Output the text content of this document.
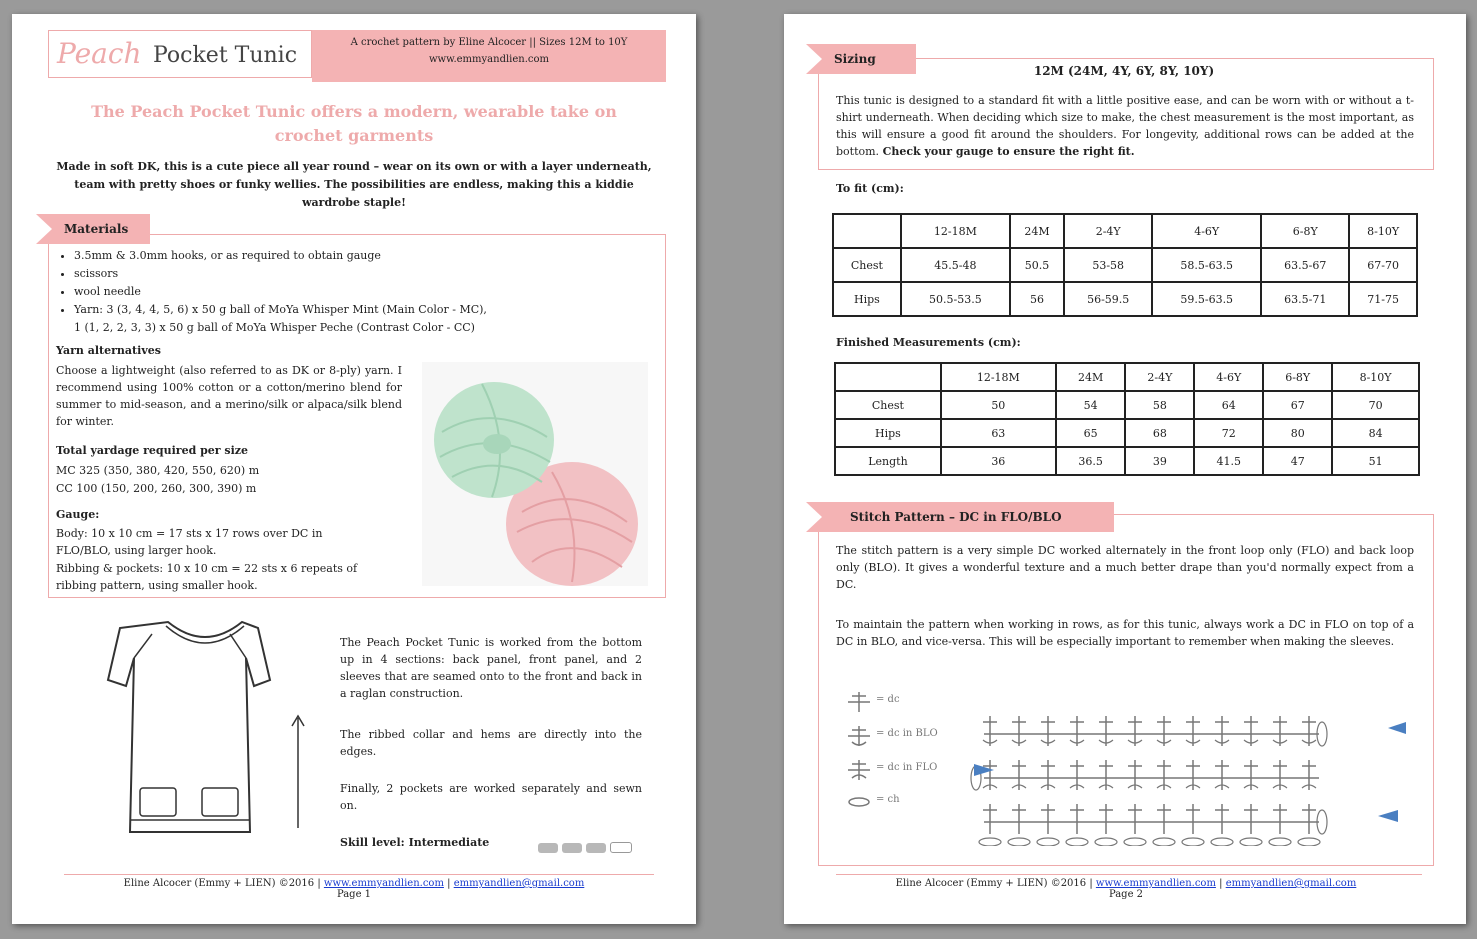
Peach Pocket Tunic
A crochet pattern by Eline Alcocer || Sizes 12M to 10Y
www.emmyandlien.com
The Peach Pocket Tunic offers a modern, wearable take on crochet garments
Made in soft DK, this is a cute piece all year round – wear on its own or with a layer underneath, team with pretty shoes or funky wellies. The possibilities are endless, making this a kiddie wardrobe staple!
Materials
• 3.5mm & 3.0mm hooks, or as required to obtain gauge
• scissors
• wool needle
• Yarn: 3 (3, 4, 4, 5, 6) x 50 g ball of MoYa Whisper Mint (Main Color - MC),
1 (1, 2, 2, 3, 3) x 50 g ball of MoYa Whisper Peche (Contrast Color - CC)
Yarn alternatives
Choose a lightweight (also referred to as DK or 8-ply) yarn. I recommend using 100% cotton or a cotton/merino blend for summer to mid-season, and a merino/silk or alpaca/silk blend for winter.
Total yardage required per size
MC 325 (350, 380, 420, 550, 620) m
CC 100 (150, 200, 260, 300, 390) m
Gauge:
Body: 10 x 10 cm = 17 sts x 17 rows over DC in FLO/BLO, using larger hook.
Ribbing & pockets: 10 x 10 cm = 22 sts x 6 repeats of ribbing pattern, using smaller hook.
The Peach Pocket Tunic is worked from the bottom up in 4 sections: back panel, front panel, and 2 sleeves that are seamed onto to the front and back in a raglan construction.
The ribbed collar and hems are directly into the edges.
Finally, 2 pockets are worked separately and sewn on.
Skill level: Intermediate
Eline Alcocer (Emmy + LIEN) ©2016 | www.emmyandlien.com | emmyandlien@gmail.com
Page 1
Sizing
12M (24M, 4Y, 6Y, 8Y, 10Y)
This tunic is designed to a standard fit with a little positive ease, and can be worn with or without a t-shirt underneath. When deciding which size to make, the chest measurement is the most important, as this will ensure a good fit around the shoulders. For longevity, additional rows can be added at the bottom. Check your gauge to ensure the right fit.
To fit (cm):
	12-18M	24M	2-4Y	4-6Y	6-8Y	8-10Y
Chest	45.5-48	50.5	53-58	58.5-63.5	63.5-67	67-70
Hips	50.5-53.5	56	56-59.5	59.5-63.5	63.5-71	71-75
Finished Measurements (cm):
	12-18M	24M	2-4Y	4-6Y	6-8Y	8-10Y
Chest	50	54	58	64	67	70
Hips	63	65	68	72	80	84
Length	36	36.5	39	41.5	47	51
Stitch Pattern – DC in FLO/BLO
The stitch pattern is a very simple DC worked alternately in the front loop only (FLO) and back loop only (BLO). It gives a wonderful texture and a much better drape than you'd normally expect from a DC.
To maintain the pattern when working in rows, as for this tunic, always work a DC in FLO on top of a DC in BLO, and vice-versa. This will be especially important to remember when making the sleeves.
= dc
= dc in BLO
= dc in FLO
= ch
Eline Alcocer (Emmy + LIEN) ©2016 | www.emmyandlien.com | emmyandlien@gmail.com
Page 2
